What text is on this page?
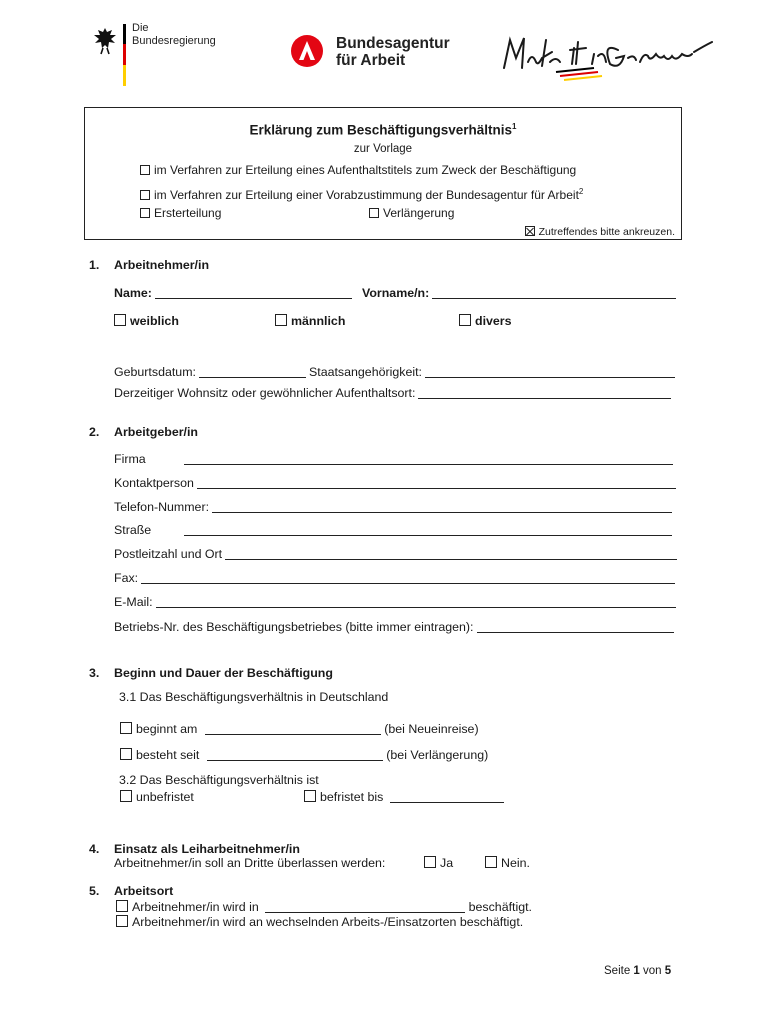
Die
Bundesregierung	Bundesagentur
für Arbeit
Erklärung zum Beschäftigungsverhältnis$^1$
zur Vorlage
im Verfahren zur Erteilung eines Aufenthaltstitels zum Zweck der Beschäftigung
im Verfahren zur Erteilung einer Vorabzustimmung der Bundesagentur für Arbeit$^2$
Ersterteilung	Verlängerung
Zutreffendes bitte ankreuzen.
1. Arbeitnehmer/in
Name:	Vorname/n:
weiblich	männlich	divers
Geburtsdatum:	Staatsangehörigkeit:
Derzeitiger Wohnsitz oder gewöhnlicher Aufenthaltsort:
2. Arbeitgeber/in
Firma
Kontaktperson
Telefon-Nummer:
Straße
Postleitzahl und Ort
Fax:
E-Mail:
Betriebs-Nr. des Beschäftigungsbetriebes (bitte immer eintragen):
3. Beginn und Dauer der Beschäftigung
3.1 Das Beschäftigungsverhältnis in Deutschland
beginnt am	(bei Neueinreise)
besteht seit	(bei Verlängerung)
3.2 Das Beschäftigungsverhältnis ist
unbefristet	befristet bis
4. Einsatz als Leiharbeitnehmer/in
Arbeitnehmer/in soll an Dritte überlassen werden:	Ja	Nein.
5. Arbeitsort
Arbeitnehmer/in wird in	beschäftigt.
Arbeitnehmer/in wird an wechselnden Arbeits-/Einsatzorten beschäftigt.
Seite 1 von 5
